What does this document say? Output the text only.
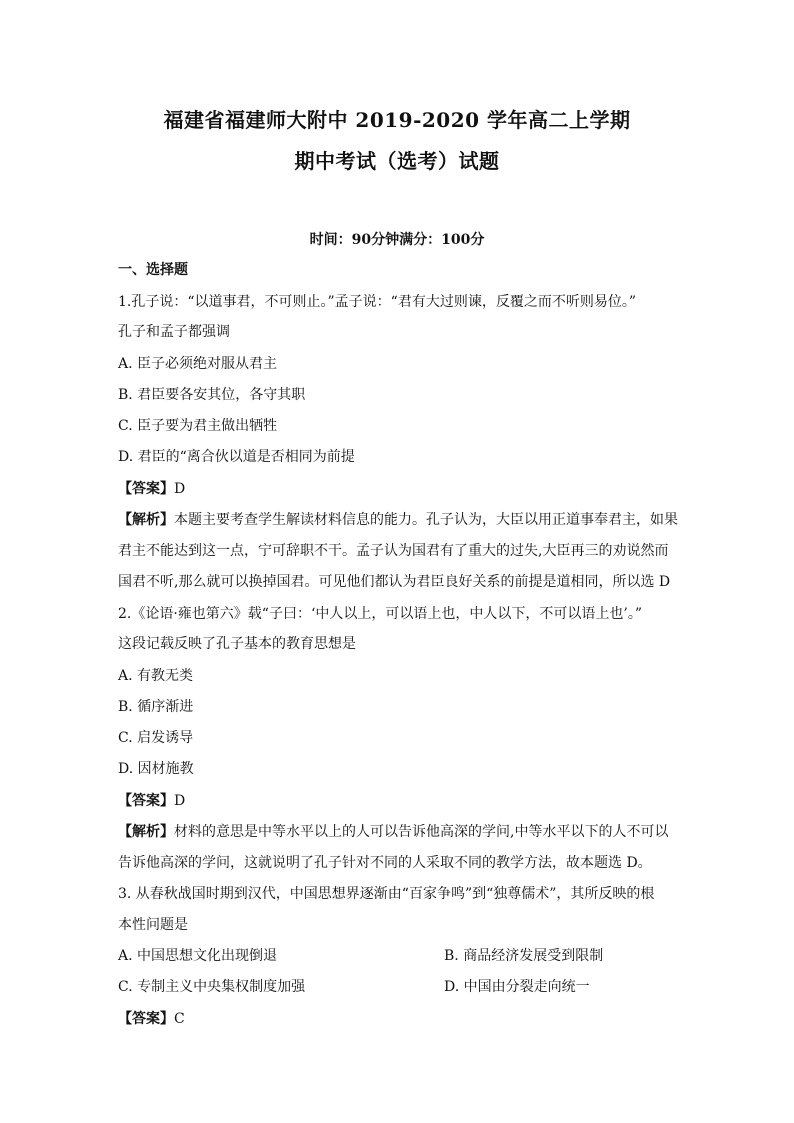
福建省福建师大附中 2019-2020 学年高二上学期
期中考试（选考）试题
时间：90分钟满分：100分
一、选择题
1.孔子说：“以道事君，不可则止。”孟子说：“君有大过则谏，反覆之而不听则易位。”
孔子和孟子都强调
A. 臣子必须绝对服从君主
B. 君臣要各安其位，各守其职
C. 臣子要为君主做出牺牲
D. 君臣的“离合伙以道是否相同为前提
【答案】D
【解析】本题主要考查学生解读材料信息的能力。孔子认为，大臣以用正道事奉君主，如果
君主不能达到这一点，宁可辞职不干。孟子认为国君有了重大的过失,大臣再三的劝说然而
国君不听,那么就可以换掉国君。可见他们都认为君臣良好关系的前提是道相同，所以选 D
2.《论语·雍也第六》载“子曰：‘中人以上，可以语上也，中人以下，不可以语上也’。”
这段记载反映了孔子基本的教育思想是
A. 有教无类
B. 循序渐进
C. 启发诱导
D. 因材施教
【答案】D
【解析】材料的意思是中等水平以上的人可以告诉他高深的学问,中等水平以下的人不可以
告诉他高深的学问，这就说明了孔子针对不同的人采取不同的教学方法，故本题选 D。
3. 从春秋战国时期到汉代，中国思想界逐渐由“百家争鸣”到“独尊儒术”，其所反映的根
本性问题是
A. 中国思想文化出现倒退	B. 商品经济发展受到限制
C. 专制主义中央集权制度加强	D. 中国由分裂走向统一
【答案】C
